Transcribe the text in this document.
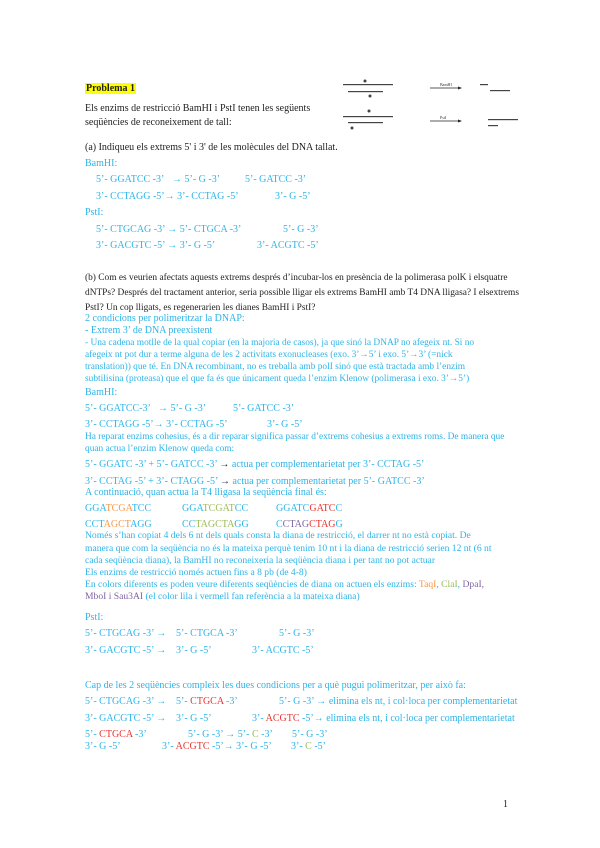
Problema 1
Els enzims de restricció BamHI i PstI tenen les següents
seqüències de reconeixement de tall:
BamHI
PstI
(a) Indiqueu els extrems 5' i 3' de les molècules del DNA tallat.
BamHI:
5’- GGATCC -3’ → 5’- G -3’ 5’- GATCC -3’
3’- CCTAGG -5’→ 3’- CCTAG -5’	3’- G -5’
PstI:
5’- CTGCAG -3’ → 5’- CTGCA -3’	5’- G -3’
3’- GACGTC -5’ → 3’- G -5’	3’- ACGTC -5’
(b) Com es veurien afectats aquests extrems després d’incubar-los en presència de la polimerasa polK i elsquatre
dNTPs? Després del tractament anterior, seria possible lligar els extrems BamHI amb T4 DNA lligasa? I elsextrems
PstI? Un cop lligats, es regenerarien les dianes BamHI i PstI?
2 condicions per polimeritzar la DNAP:
- Extrem 3’ de DNA preexistent
- Una cadena motlle de la qual copiar (en la majoria de casos), ja que sinó la DNAP no afegeix nt. Si no
afegeix nt pot dur a terme alguna de les 2 activitats exonucleases (exo. 3’→5’ i exo. 5’→3’ (=nick
translation)) que té. En DNA recombinant, no es treballa amb polI sinó que està tractada amb l’enzim
subtilisina (proteasa) que el que fa és que únicament queda l’enzim Klenow (polimerasa i exo. 3’→5’)
BamHI:
5’- GGATCC-3’ → 5’- G -3’	5’- GATCC -3’
3’- CCTAGG -5’→ 3’- CCTAG -5’	3’- G -5’
Ha reparat enzims cohesius, és a dir reparar significa passar d’extrems cohesius a extrems roms. De manera que
quan actua l’enzim Klenow queda com:
5’- GGATC -3’ + 5’- GATCC -3’ → actua per complementarietat per 3’- CCTAG -5’
3’- CCTAG -5’ + 3’- CTAGG -5’ → actua per complementarietat per 5’- GATCC -3’
A continuació, quan actua la T4 lligasa la seqüència final és:
GGATCGATCC	GGATCGATCC	GGATCGATCC
CCTAGCTAGG	CCTAGCTAGG	CCTAGCTAGG
Només s’han copiat 4 dels 6 nt dels quals consta la diana de restricció, el darrer nt no està copiat. De
manera que com la seqüència no és la mateixa perquè tenim 10 nt i la diana de restricció serien 12 nt (6 nt
cada seqüència diana), la BamHI no reconeixeria la seqüència diana i per tant no pot actuar
Els enzims de restricció només actuen fins a 8 pb (de 4-8)
En colors diferents es poden veure diferents seqüències de diana on actuen els enzims: TaqI, ClaI, DpaI,
MboI i Sau3AI (el color lila i vermell fan referència a la mateixa diana)
PstI:
5’- CTGCAG -3’ → 5’- CTGCA -3’	5’- G -3’
3’- GACGTC -5’ → 3’- G -5’	3’- ACGTC -5’
Cap de les 2 seqüències compleix les dues condicions per a què pugui polimeritzar, per això fa:
5’- CTGCAG -3’ → 5’- CTGCA -3’	5’- G -3’ → elimina els nt, i col·loca per complementarietat
3’- GACGTC -5’ → 3’- G -5’	3’- ACGTC -5’→ elimina els nt, i col·loca per complementarietat
5’- CTGCA -3’	5’- G -3’ → 5’- C -3’ 5’- G -3’
3’- G -5’	3’- ACGTC -5’→ 3’- G -5’ 3’- C -5’
1
